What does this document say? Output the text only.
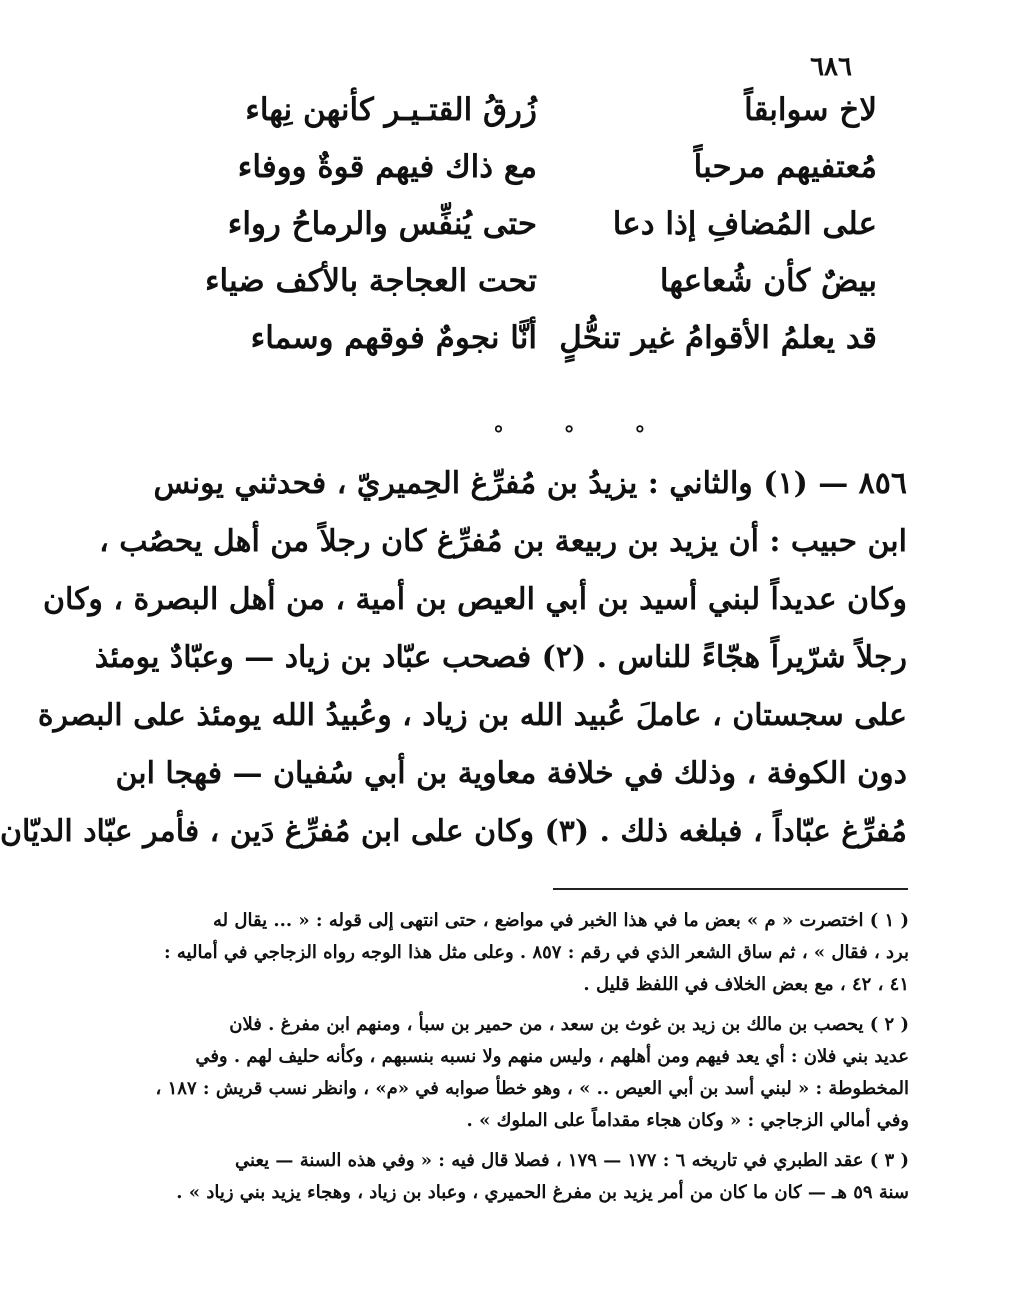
٦٨٦
لاخ سوابقاً
زُرقُ القتـيـر كأنهن نِهاء
مُعتفيهم مرحباً
مع ذاك فيهم قوةٌ ووفاء
على المُضافِ إذا دعا
حتى يُنفِّس والرماحُ رواء
بيضٌ كأن شُعاعها
تحت العجاجة بالأكف ضياء
قد يعلمُ الأقوامُ غير تنحُّلٍ
أنَّا نجومٌ فوقهم وسماء
° ° °
٨٥٦ — (١) والثاني : يزيدُ بن مُفرِّغ الحِميريّ ، فحدثني يونس
ابن حبيب : أن يزيد بن ربيعة بن مُفرِّغ كان رجلاً من أهل يحصُب ،
وكان عديداً لبني أسيد بن أبي العيص بن أمية ، من أهل البصرة ، وكان
رجلاً شرّيراً هجّاءً للناس . (٢) فصحب عبّاد بن زياد — وعبّادٌ يومئذ
على سجستان ، عاملَ عُبيد الله بن زياد ، وعُبيدُ الله يومئذ على البصرة
دون الكوفة ، وذلك في خلافة معاوية بن أبي سُفيان — فهجا ابن
مُفرِّغ عبّاداً ، فبلغه ذلك . (٣) وكان على ابن مُفرِّغ دَين ، فأمر عبّاد الديّان
( ١ ) اختصرت « م » بعض ما في هذا الخبر في مواضع ، حتى انتهى إلى قوله : « ... يقال له
برد ، فقال » ، ثم ساق الشعر الذي في رقم : ٨٥٧ . وعلى مثل هذا الوجه رواه الزجاجي في أماليه :
٤١ ، ٤٢ ، مع بعض الخلاف في اللفظ قليل .
( ٢ ) يحصب بن مالك بن زيد بن غوث بن سعد ، من حمير بن سبأ ، ومنهم ابن مفرغ . فلان
عديد بني فلان : أي يعد فيهم ومن أهلهم ، وليس منهم ولا نسبه بنسبهم ، وكأنه حليف لهم . وفي
المخطوطة : « لبني أسد بن أبي العيص .. » ، وهو خطأ صوابه في «م» ، وانظر نسب قريش : ١٨٧ ،
وفي أمالي الزجاجي : « وكان هجاء مقداماً على الملوك » .
( ٣ ) عقد الطبري في تاريخه ٦ : ١٧٧ — ١٧٩ ، فصلا قال فيه : « وفي هذه السنة — يعني
سنة ٥٩ هـ — كان ما كان من أمر يزيد بن مفرغ الحميري ، وعباد بن زياد ، وهجاء يزيد بني زياد » .
